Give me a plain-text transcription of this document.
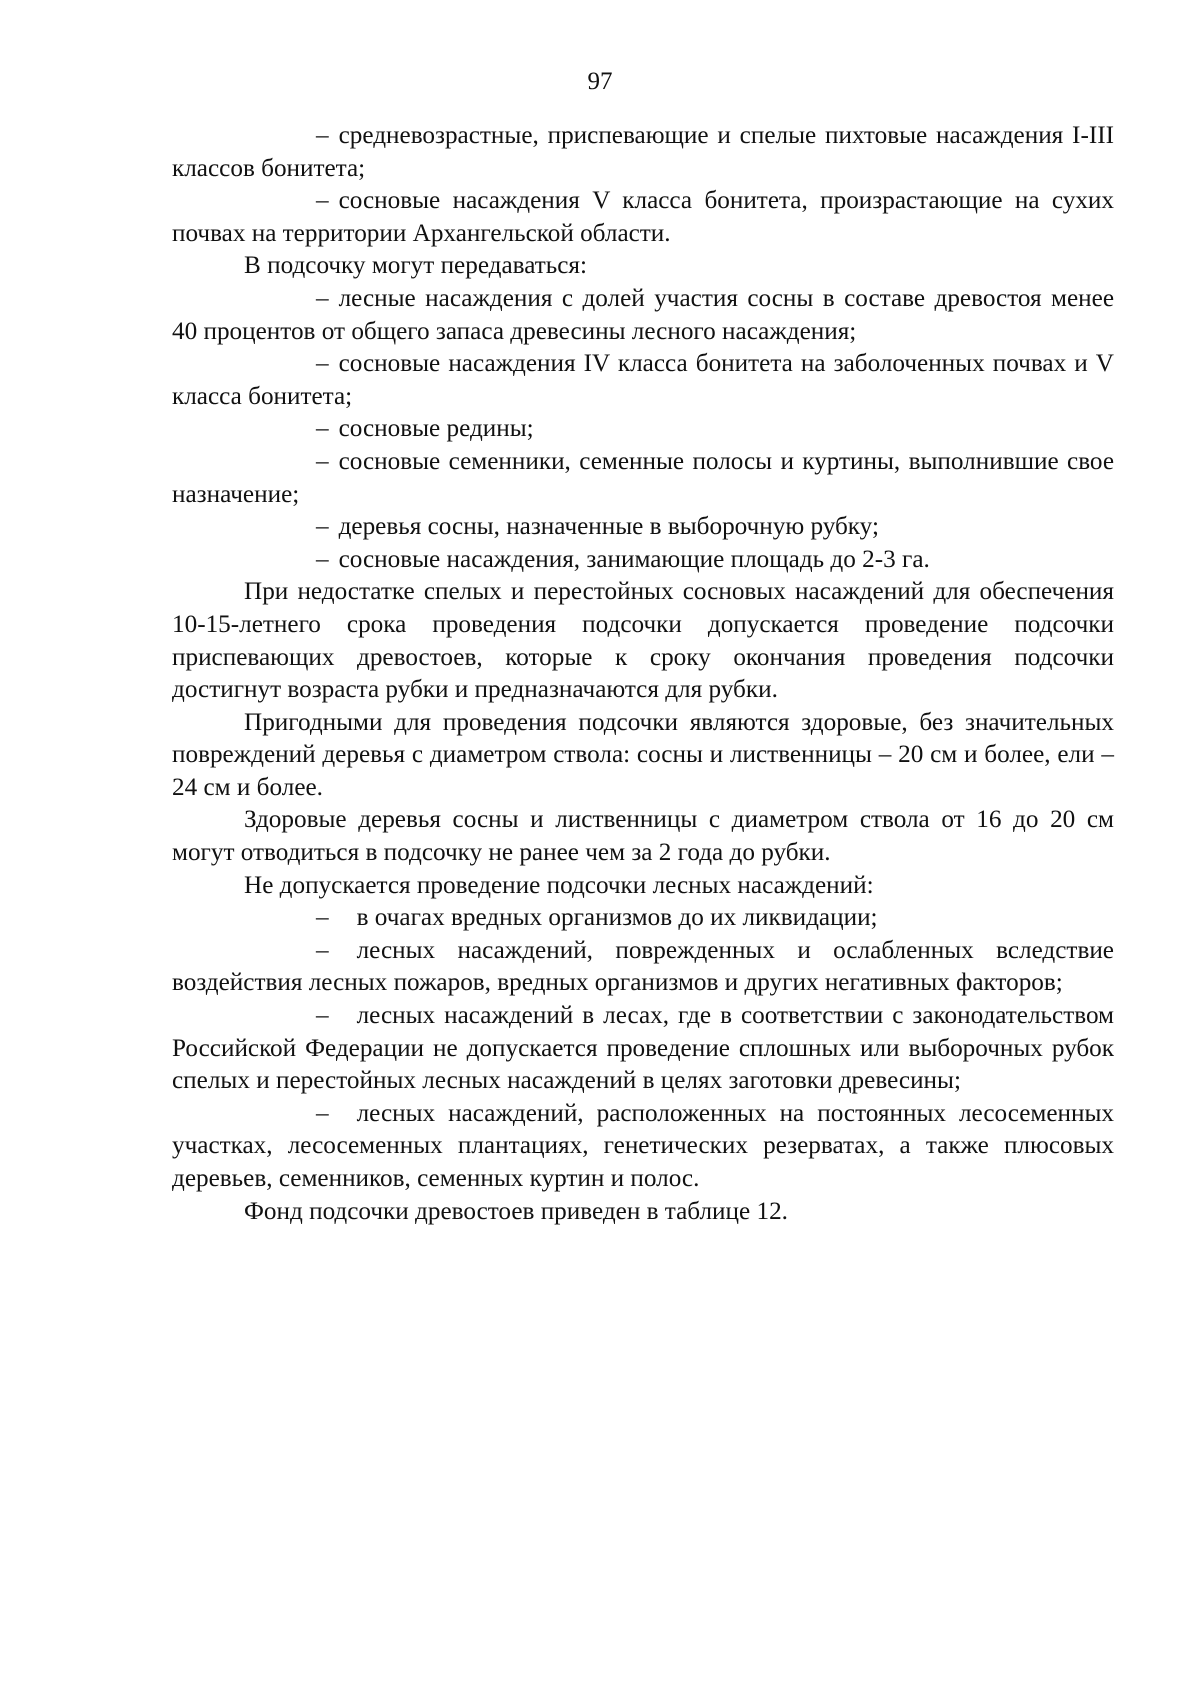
97

– средневозрастные, приспевающие и спелые пихтовые насаждения I-III классов бонитета;

– сосновые насаждения V класса бонитета, произрастающие на сухих почвах на территории Архангельской области.

В подсочку могут передаваться:

– лесные насаждения с долей участия сосны в составе древостоя менее 40 процентов от общего запаса древесины лесного насаждения;

– сосновые насаждения IV класса бонитета на заболоченных почвах и V класса бонитета;

– сосновые редины;

– сосновые семенники, семенные полосы и куртины, выполнившие свое назначение;

– деревья сосны, назначенные в выборочную рубку;

– сосновые насаждения, занимающие площадь до 2-3 га.

При недостатке спелых и перестойных сосновых насаждений для обеспечения 10-15-летнего срока проведения подсочки допускается проведение подсочки приспевающих древостоев, которые к сроку окончания проведения подсочки достигнут возраста рубки и предназначаются для рубки.

Пригодными для проведения подсочки являются здоровые, без значительных повреждений деревья с диаметром ствола: сосны и лиственницы – 20 см и более, ели – 24 см и более.

Здоровые деревья сосны и лиственницы с диаметром ствола от 16 до 20 см могут отводиться в подсочку не ранее чем за 2 года до рубки.

Не допускается проведение подсочки лесных насаждений:

– в очагах вредных организмов до их ликвидации;

– лесных насаждений, поврежденных и ослабленных вследствие воздействия лесных пожаров, вредных организмов и других негативных факторов;

– лесных насаждений в лесах, где в соответствии с законодательством Российской Федерации не допускается проведение сплошных или выборочных рубок спелых и перестойных лесных насаждений в целях заготовки древесины;

– лесных насаждений, расположенных на постоянных лесосеменных участках, лесосеменных плантациях, генетических резерватах, а также плюсовых деревьев, семенников, семенных куртин и полос.

Фонд подсочки древостоев приведен в таблице 12.
